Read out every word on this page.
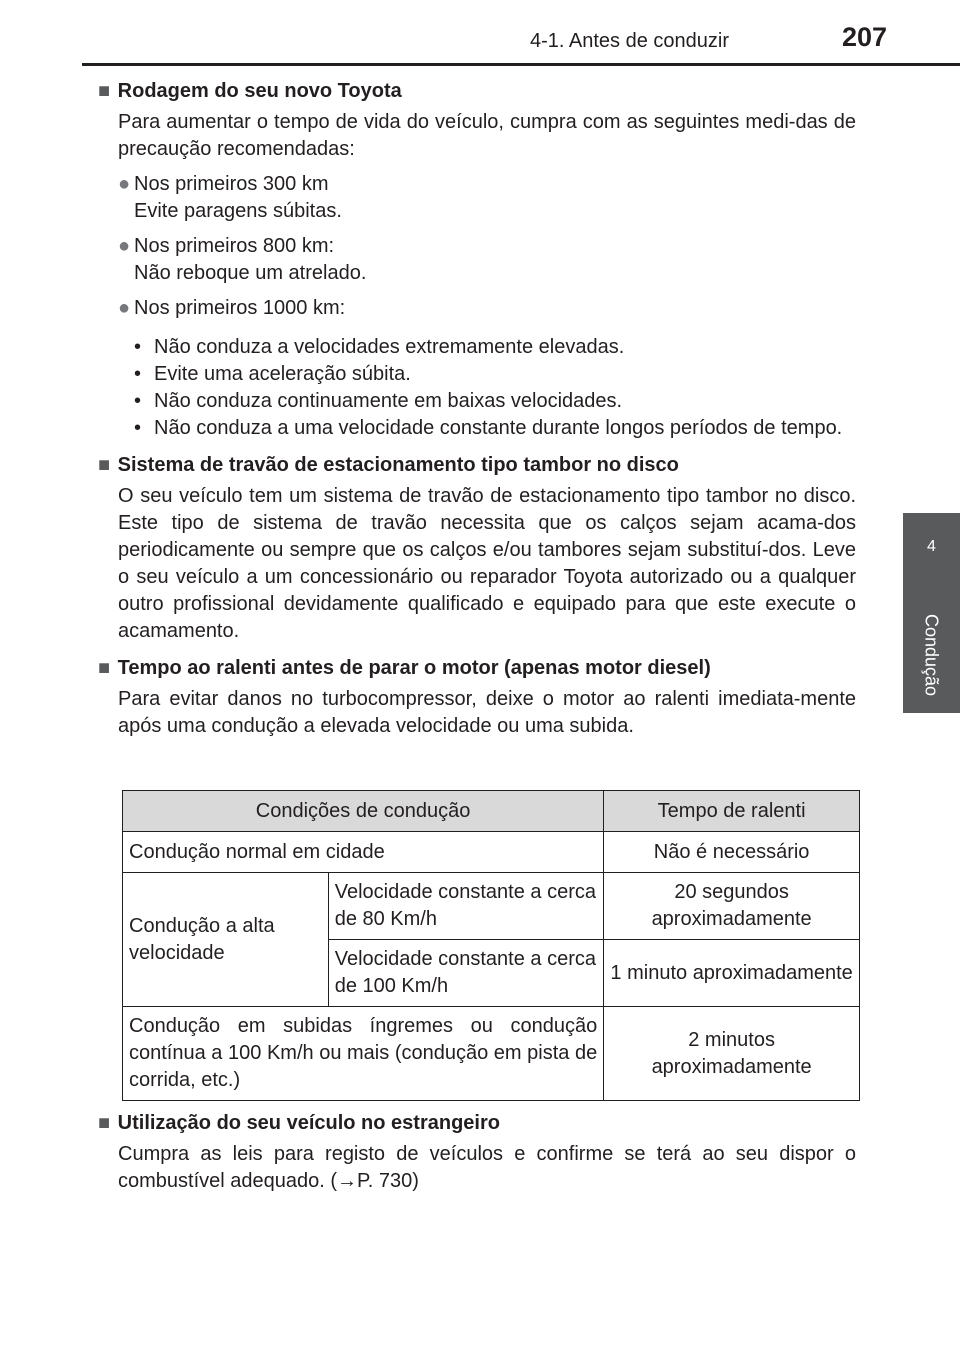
4-1. Antes de conduzir	207
4
Condução
■ Rodagem do seu novo Toyota
Para aumentar o tempo de vida do veículo, cumpra com as seguintes medi-das de precaução recomendadas:
● Nos primeiros 300 km
Evite paragens súbitas.
● Nos primeiros 800 km:
Não reboque um atrelado.
● Nos primeiros 1000 km:
• Não conduza a velocidades extremamente elevadas.
• Evite uma aceleração súbita.
• Não conduza continuamente em baixas velocidades.
• Não conduza a uma velocidade constante durante longos períodos de tempo.
■ Sistema de travão de estacionamento tipo tambor no disco
O seu veículo tem um sistema de travão de estacionamento tipo tambor no disco. Este tipo de sistema de travão necessita que os calços sejam acama-dos periodicamente ou sempre que os calços e/ou tambores sejam substituí-dos. Leve o seu veículo a um concessionário ou reparador Toyota autorizado ou a qualquer outro profissional devidamente qualificado e equipado para que este execute o acamamento.
■ Tempo ao ralenti antes de parar o motor (apenas motor diesel)
Para evitar danos no turbocompressor, deixe o motor ao ralenti imediata-mente após uma condução a elevada velocidade ou uma subida.
Condições de condução		Tempo de ralenti
Condução normal em cidade		Não é necessário
Condução a alta velocidade	Velocidade constante a cerca de 80 Km/h	20 segundos aproximadamente
	Velocidade constante a cerca de 100 Km/h	1 minuto aproximadamente
Condução em subidas íngremes ou condução contínua a 100 Km/h ou mais (condução em pista de corrida, etc.)		2 minutos aproximadamente
■ Utilização do seu veículo no estrangeiro
Cumpra as leis para registo de veículos e confirme se terá ao seu dispor o combustível adequado. (→P. 730)
